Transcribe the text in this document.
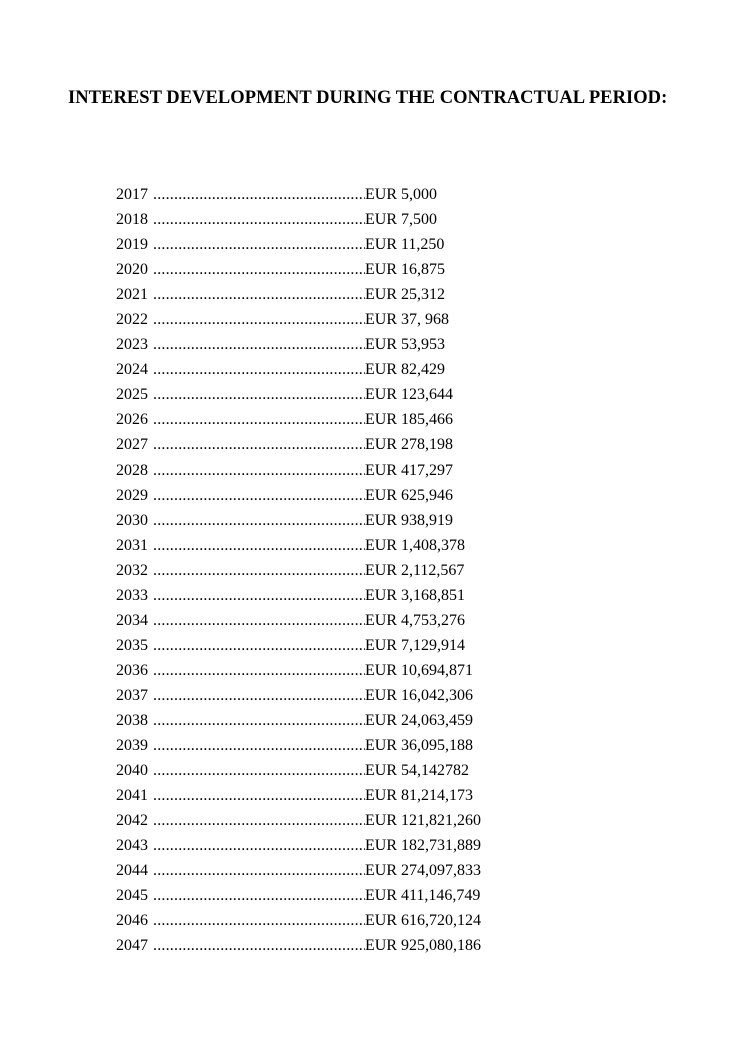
INTEREST DEVELOPMENT DURING THE CONTRACTUAL PERIOD:
2017 .....	EUR 5,000
2018 .....	EUR 7,500
2019 .....	EUR 11,250
2020 .....	EUR 16,875
2021 .....	EUR 25,312
2022 .....	EUR 37, 968
2023 .....	EUR 53,953
2024 .....	EUR 82,429
2025 .....	EUR 123,644
2026 .....	EUR 185,466
2027 .....	EUR 278,198
2028 .....	EUR 417,297
2029 .....	EUR 625,946
2030 .....	EUR 938,919
2031 .....	EUR 1,408,378
2032 .....	EUR 2,112,567
2033 .....	EUR 3,168,851
2034 .....	EUR 4,753,276
2035 .....	EUR 7,129,914
2036 .....	EUR 10,694,871
2037 .....	EUR 16,042,306
2038 .....	EUR 24,063,459
2039 .....	EUR 36,095,188
2040 .....	EUR 54,142782
2041 .....	EUR 81,214,173
2042 .....	EUR 121,821,260
2043 .....	EUR 182,731,889
2044 .....	EUR 274,097,833
2045 .....	EUR 411,146,749
2046 .....	EUR 616,720,124
2047 .....	EUR 925,080,186
